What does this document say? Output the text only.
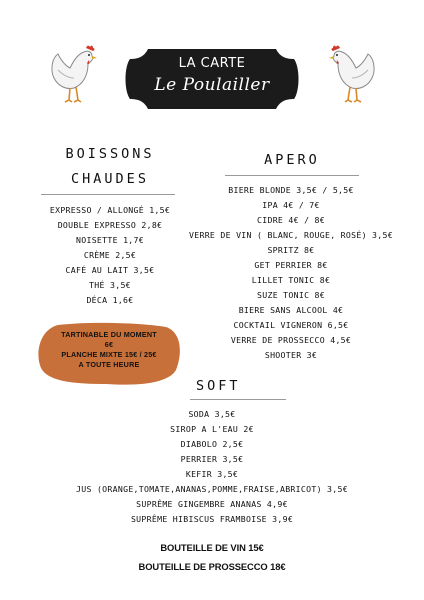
LA CARTE
Le Poulailler
BOISSONS
CHAUDES
EXPRESSO / ALLONGÉ 1,5€
DOUBLE EXPRESSO 2,8€
NOISETTE 1,7€
CRÈME 2,5€
CAFÉ AU LAIT 3,5€
THÉ 3,5€
DÉCA 1,6€
TARTINABLE DU MOMENT
6€
PLANCHE MIXTE 15€ / 25€
A TOUTE HEURE
APERO
BIERE BLONDE 3,5€ / 5,5€
IPA 4€ / 7€
CIDRE 4€ / 8€
VERRE DE VIN ( BLANC, ROUGE, ROSÉ) 3,5€
SPRITZ 8€
GET PERRIER 8€
LILLET TONIC 8€
SUZE TONIC 8€
BIERE SANS ALCOOL 4€
COCKTAIL VIGNERON 6,5€
VERRE DE PROSSECCO 4,5€
SHOOTER 3€
SOFT
SODA 3,5€
SIROP A L'EAU 2€
DIABOLO 2,5€
PERRIER 3,5€
KEFIR 3,5€
JUS (ORANGE,TOMATE,ANANAS,POMME,FRAISE,ABRICOT) 3,5€
SUPRÊME GINGEMBRE ANANAS 4,9€
SUPRÊME HIBISCUS FRAMBOISE 3,9€
BOUTEILLE DE VIN 15€
BOUTEILLE DE PROSSECCO 18€
